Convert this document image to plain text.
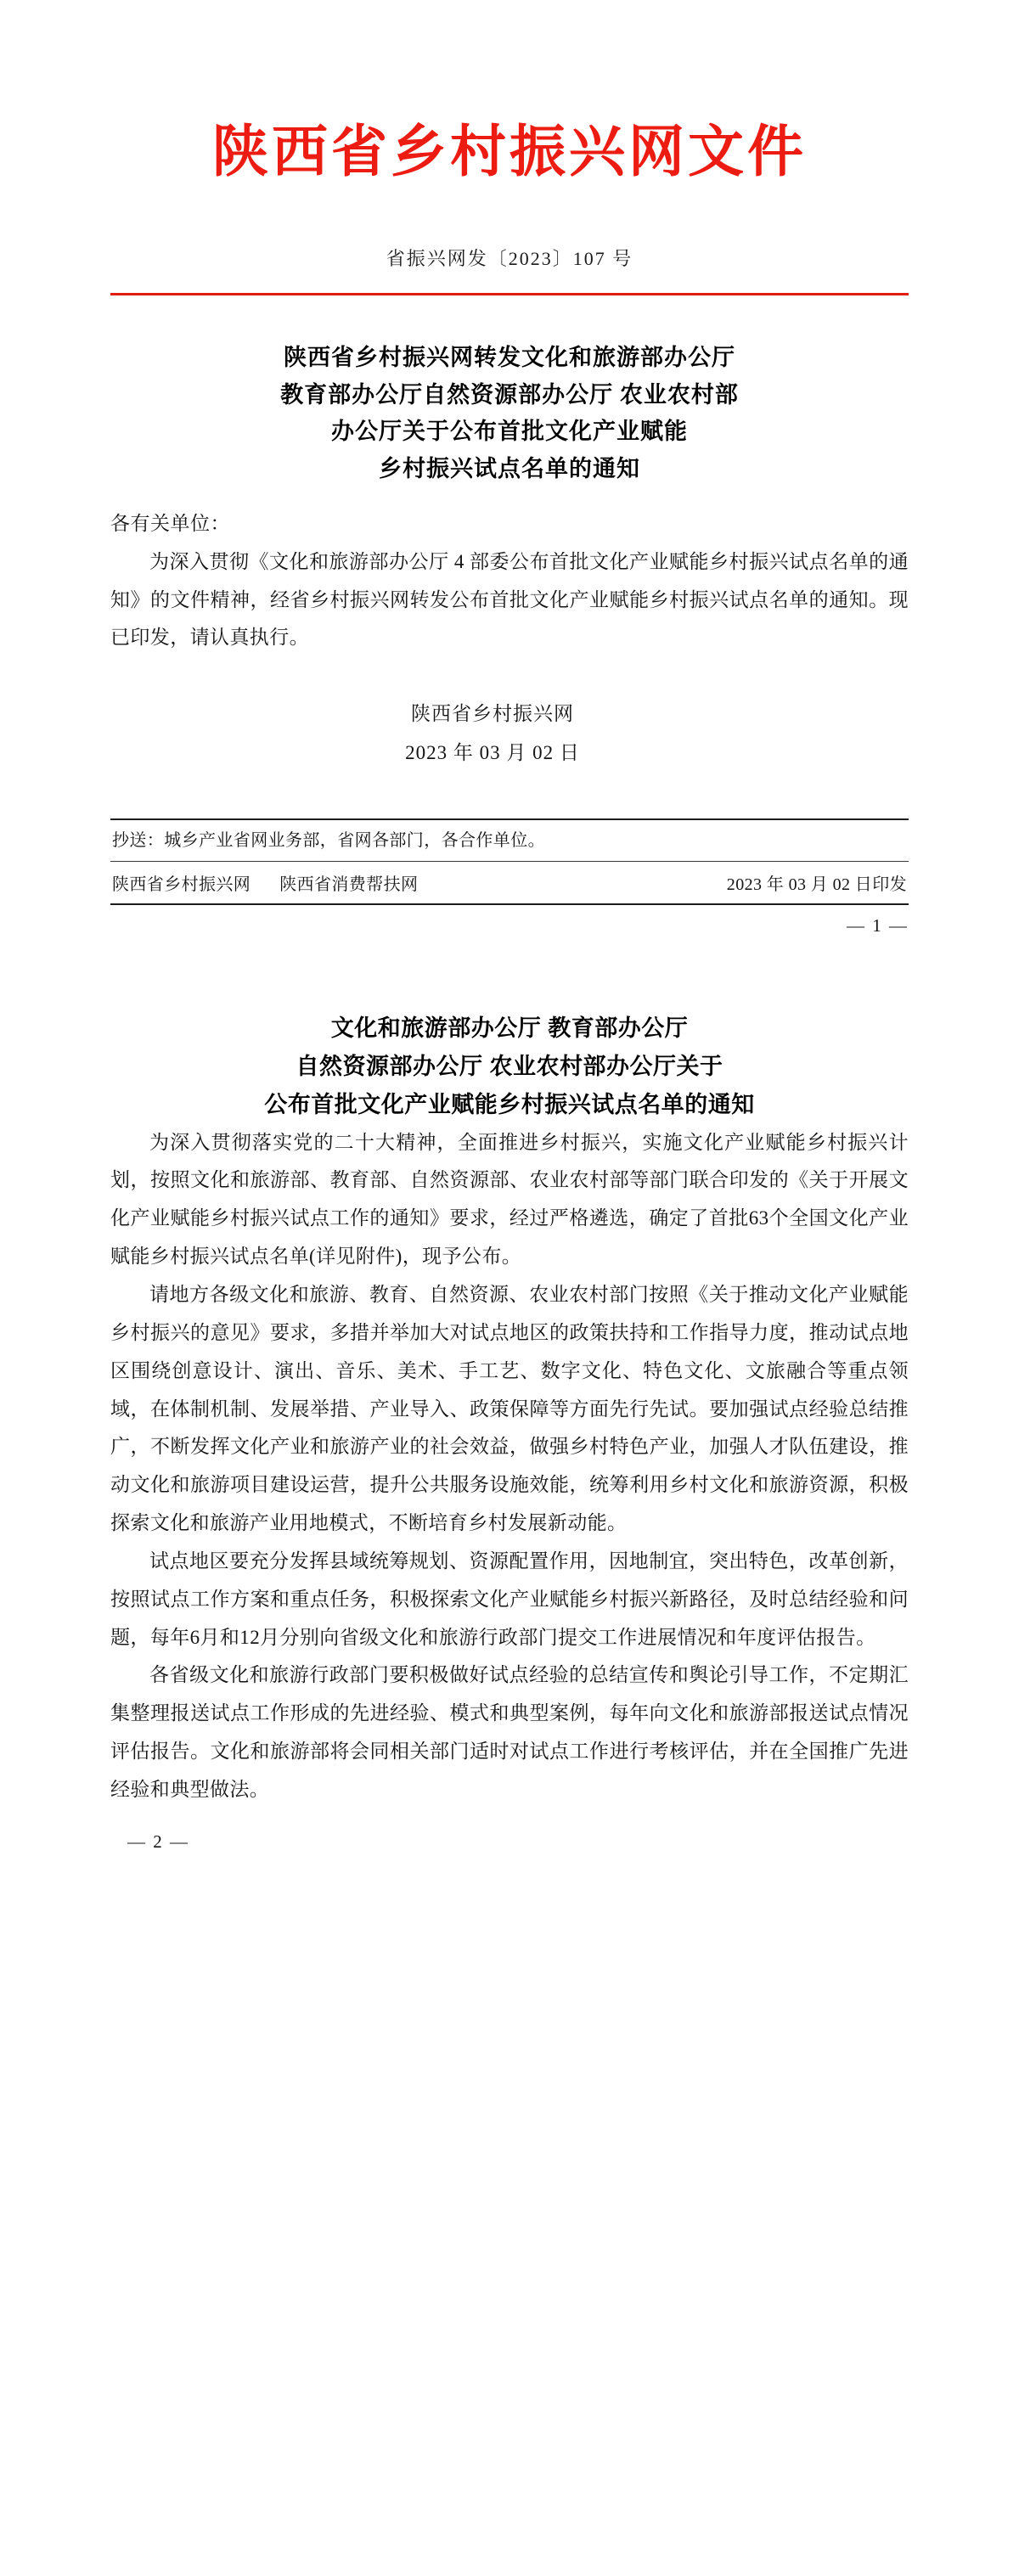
陕西省乡村振兴网文件
省振兴网发〔2023〕107 号
陕西省乡村振兴网转发文化和旅游部办公厅
教育部办公厅自然资源部办公厅 农业农村部
办公厅关于公布首批文化产业赋能
乡村振兴试点名单的通知
各有关单位：

为深入贯彻《文化和旅游部办公厅 4 部委公布首批文化产业赋能乡村振兴试点名单的通知》的文件精神，经省乡村振兴网转发公布首批文化产业赋能乡村振兴试点名单的通知。现已印发，请认真执行。

陕西省乡村振兴网
2023 年 03 月 02 日
抄送：城乡产业省网业务部，省网各部门，各合作单位。
陕西省乡村振兴网 陕西省消费帮扶网	2023 年 03 月 02 日印发
— 1 —
文化和旅游部办公厅 教育部办公厅
自然资源部办公厅 农业农村部办公厅关于
公布首批文化产业赋能乡村振兴试点名单的通知

为深入贯彻落实党的二十大精神，全面推进乡村振兴，实施文化产业赋能乡村振兴计划，按照文化和旅游部、教育部、自然资源部、农业农村部等部门联合印发的《关于开展文化产业赋能乡村振兴试点工作的通知》要求，经过严格遴选，确定了首批63个全国文化产业赋能乡村振兴试点名单(详见附件)，现予公布。

请地方各级文化和旅游、教育、自然资源、农业农村部门按照《关于推动文化产业赋能乡村振兴的意见》要求，多措并举加大对试点地区的政策扶持和工作指导力度，推动试点地区围绕创意设计、演出、音乐、美术、手工艺、数字文化、特色文化、文旅融合等重点领域，在体制机制、发展举措、产业导入、政策保障等方面先行先试。要加强试点经验总结推广，不断发挥文化产业和旅游产业的社会效益，做强乡村特色产业，加强人才队伍建设，推动文化和旅游项目建设运营，提升公共服务设施效能，统筹利用乡村文化和旅游资源，积极探索文化和旅游产业用地模式，不断培育乡村发展新动能。

试点地区要充分发挥县域统筹规划、资源配置作用，因地制宜，突出特色，改革创新，按照试点工作方案和重点任务，积极探索文化产业赋能乡村振兴新路径，及时总结经验和问题，每年6月和12月分别向省级文化和旅游行政部门提交工作进展情况和年度评估报告。

各省级文化和旅游行政部门要积极做好试点经验的总结宣传和舆论引导工作，不定期汇集整理报送试点工作形成的先进经验、模式和典型案例，每年向文化和旅游部报送试点情况评估报告。文化和旅游部将会同相关部门适时对试点工作进行考核评估，并在全国推广先进经验和典型做法。

— 2 —
